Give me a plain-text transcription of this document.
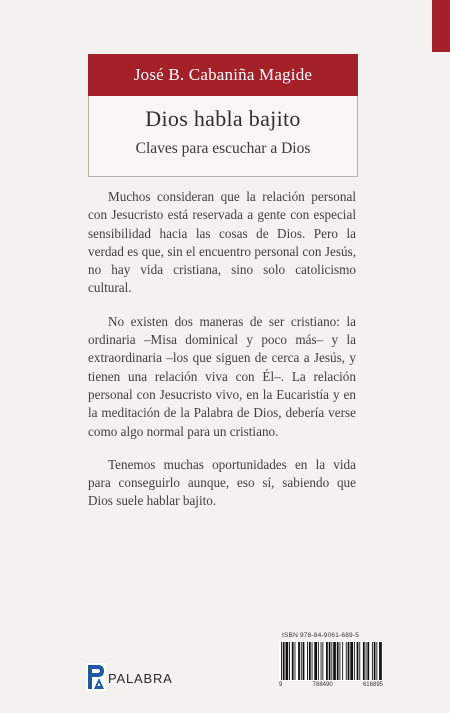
José B. Cabaniña Magide
Dios habla bajito
Claves para escuchar a Dios

Muchos consideran que la relación personal con Jesucristo está reservada a gente con especial sensibilidad hacia las cosas de Dios. Pero la verdad es que, sin el encuentro personal con Jesús, no hay vida cristiana, sino solo catolicismo cultural.

No existen dos maneras de ser cristiano: la ordinaria –Misa dominical y poco más– y la extraordinaria –los que siguen de cerca a Jesús, y tienen una relación viva con Él–. La relación personal con Jesucristo vivo, en la Eucaristía y en la meditación de la Palabra de Dios, debería verse como algo normal para un cristiano.

Tenemos muchas oportunidades en la vida para conseguirlo aunque, eso sí, sabiendo que Dios suele hablar bajito.

ISBN 978-84-9061-689-5
9	788490	616895
PALABRA
